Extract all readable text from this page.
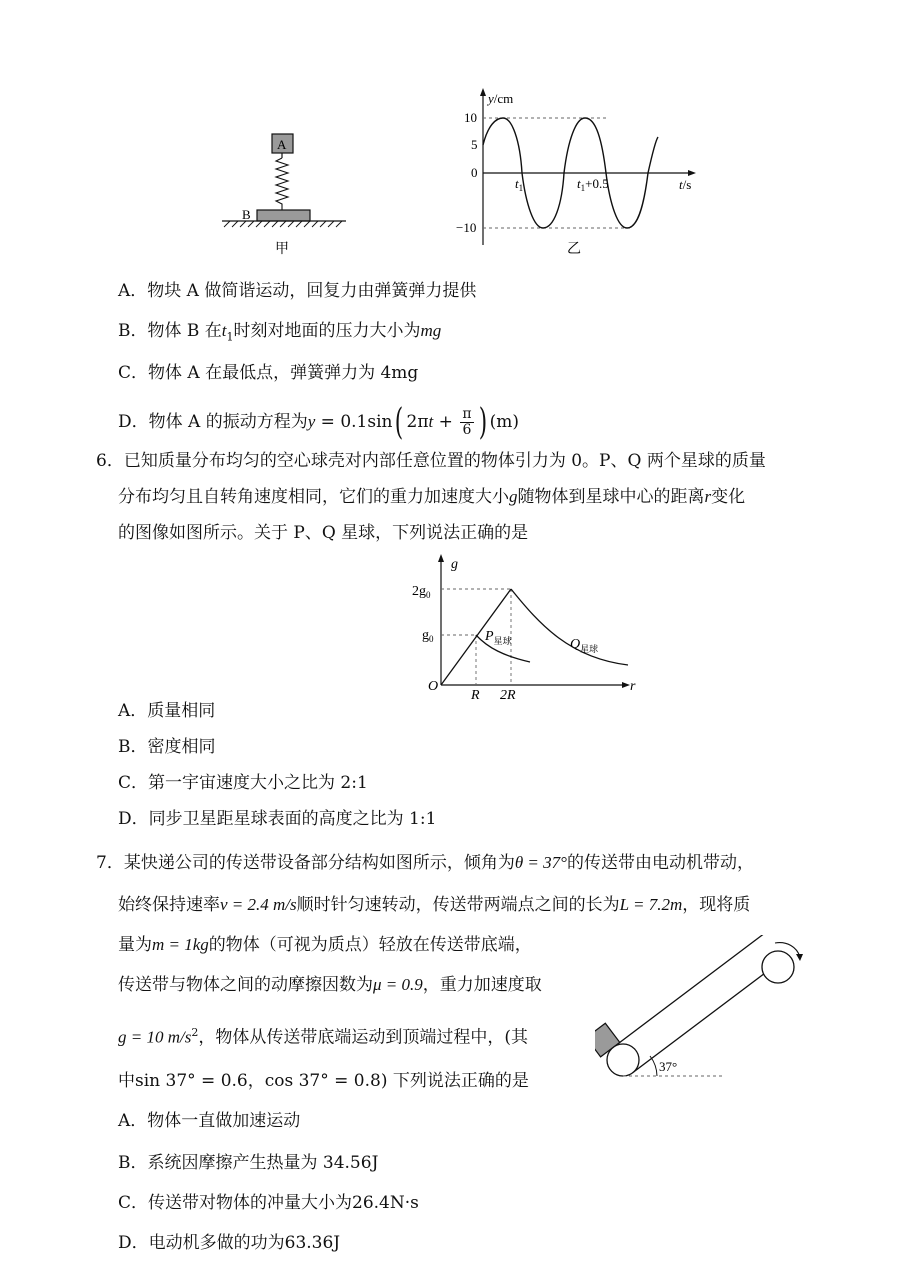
A
B
甲
y/cm
t/s
10
5
0
−10
$t_1$	$t_1+0.5$
乙
A．物块 A 做简谐运动，回复力由弹簧弹力提供
B．物体 B 在$t_1$时刻对地面的压力大小为mg
C．物体 A 在最低点，弹簧弹力为 4mg
D．物体 A 的振动方程为y = 0.1sin( $2\pi t + \frac{\pi}{6}$ ) (m)
6．已知质量分布均匀的空心球壳对内部任意位置的物体引力为 0。P、Q 两个星球的质量
分布均匀且自转角速度相同，它们的重力加速度大小g随物体到星球中心的距离r变化
的图像如图所示。关于 P、Q 星球，下列说法正确的是
g
r
O
$2g_0$
$g_0$	$P_{星球}$	$Q_{星球}$
R 2R
A．质量相同
B．密度相同
C．第一宇宙速度大小之比为 2:1
D．同步卫星距星球表面的高度之比为 1:1
7．某快递公司的传送带设备部分结构如图所示，倾角为θ = 37°的传送带由电动机带动，
始终保持速率v = 2.4 m/s顺时针匀速转动，传送带两端点之间的长为L = 7.2m，现将质
量为m = 1kg的物体（可视为质点）轻放在传送带底端，
传送带与物体之间的动摩擦因数为μ = 0.9，重力加速度取
g = 10 $m/s^2$，物体从传送带底端运动到顶端过程中，(其
中sin 37° = 0.6，cos 37° = 0.8) 下列说法正确的是
37°
A．物体一直做加速运动
B．系统因摩擦产生热量为 34.56J
C．传送带对物体的冲量大小为26.4N·s
D．电动机多做的功为63.36J
